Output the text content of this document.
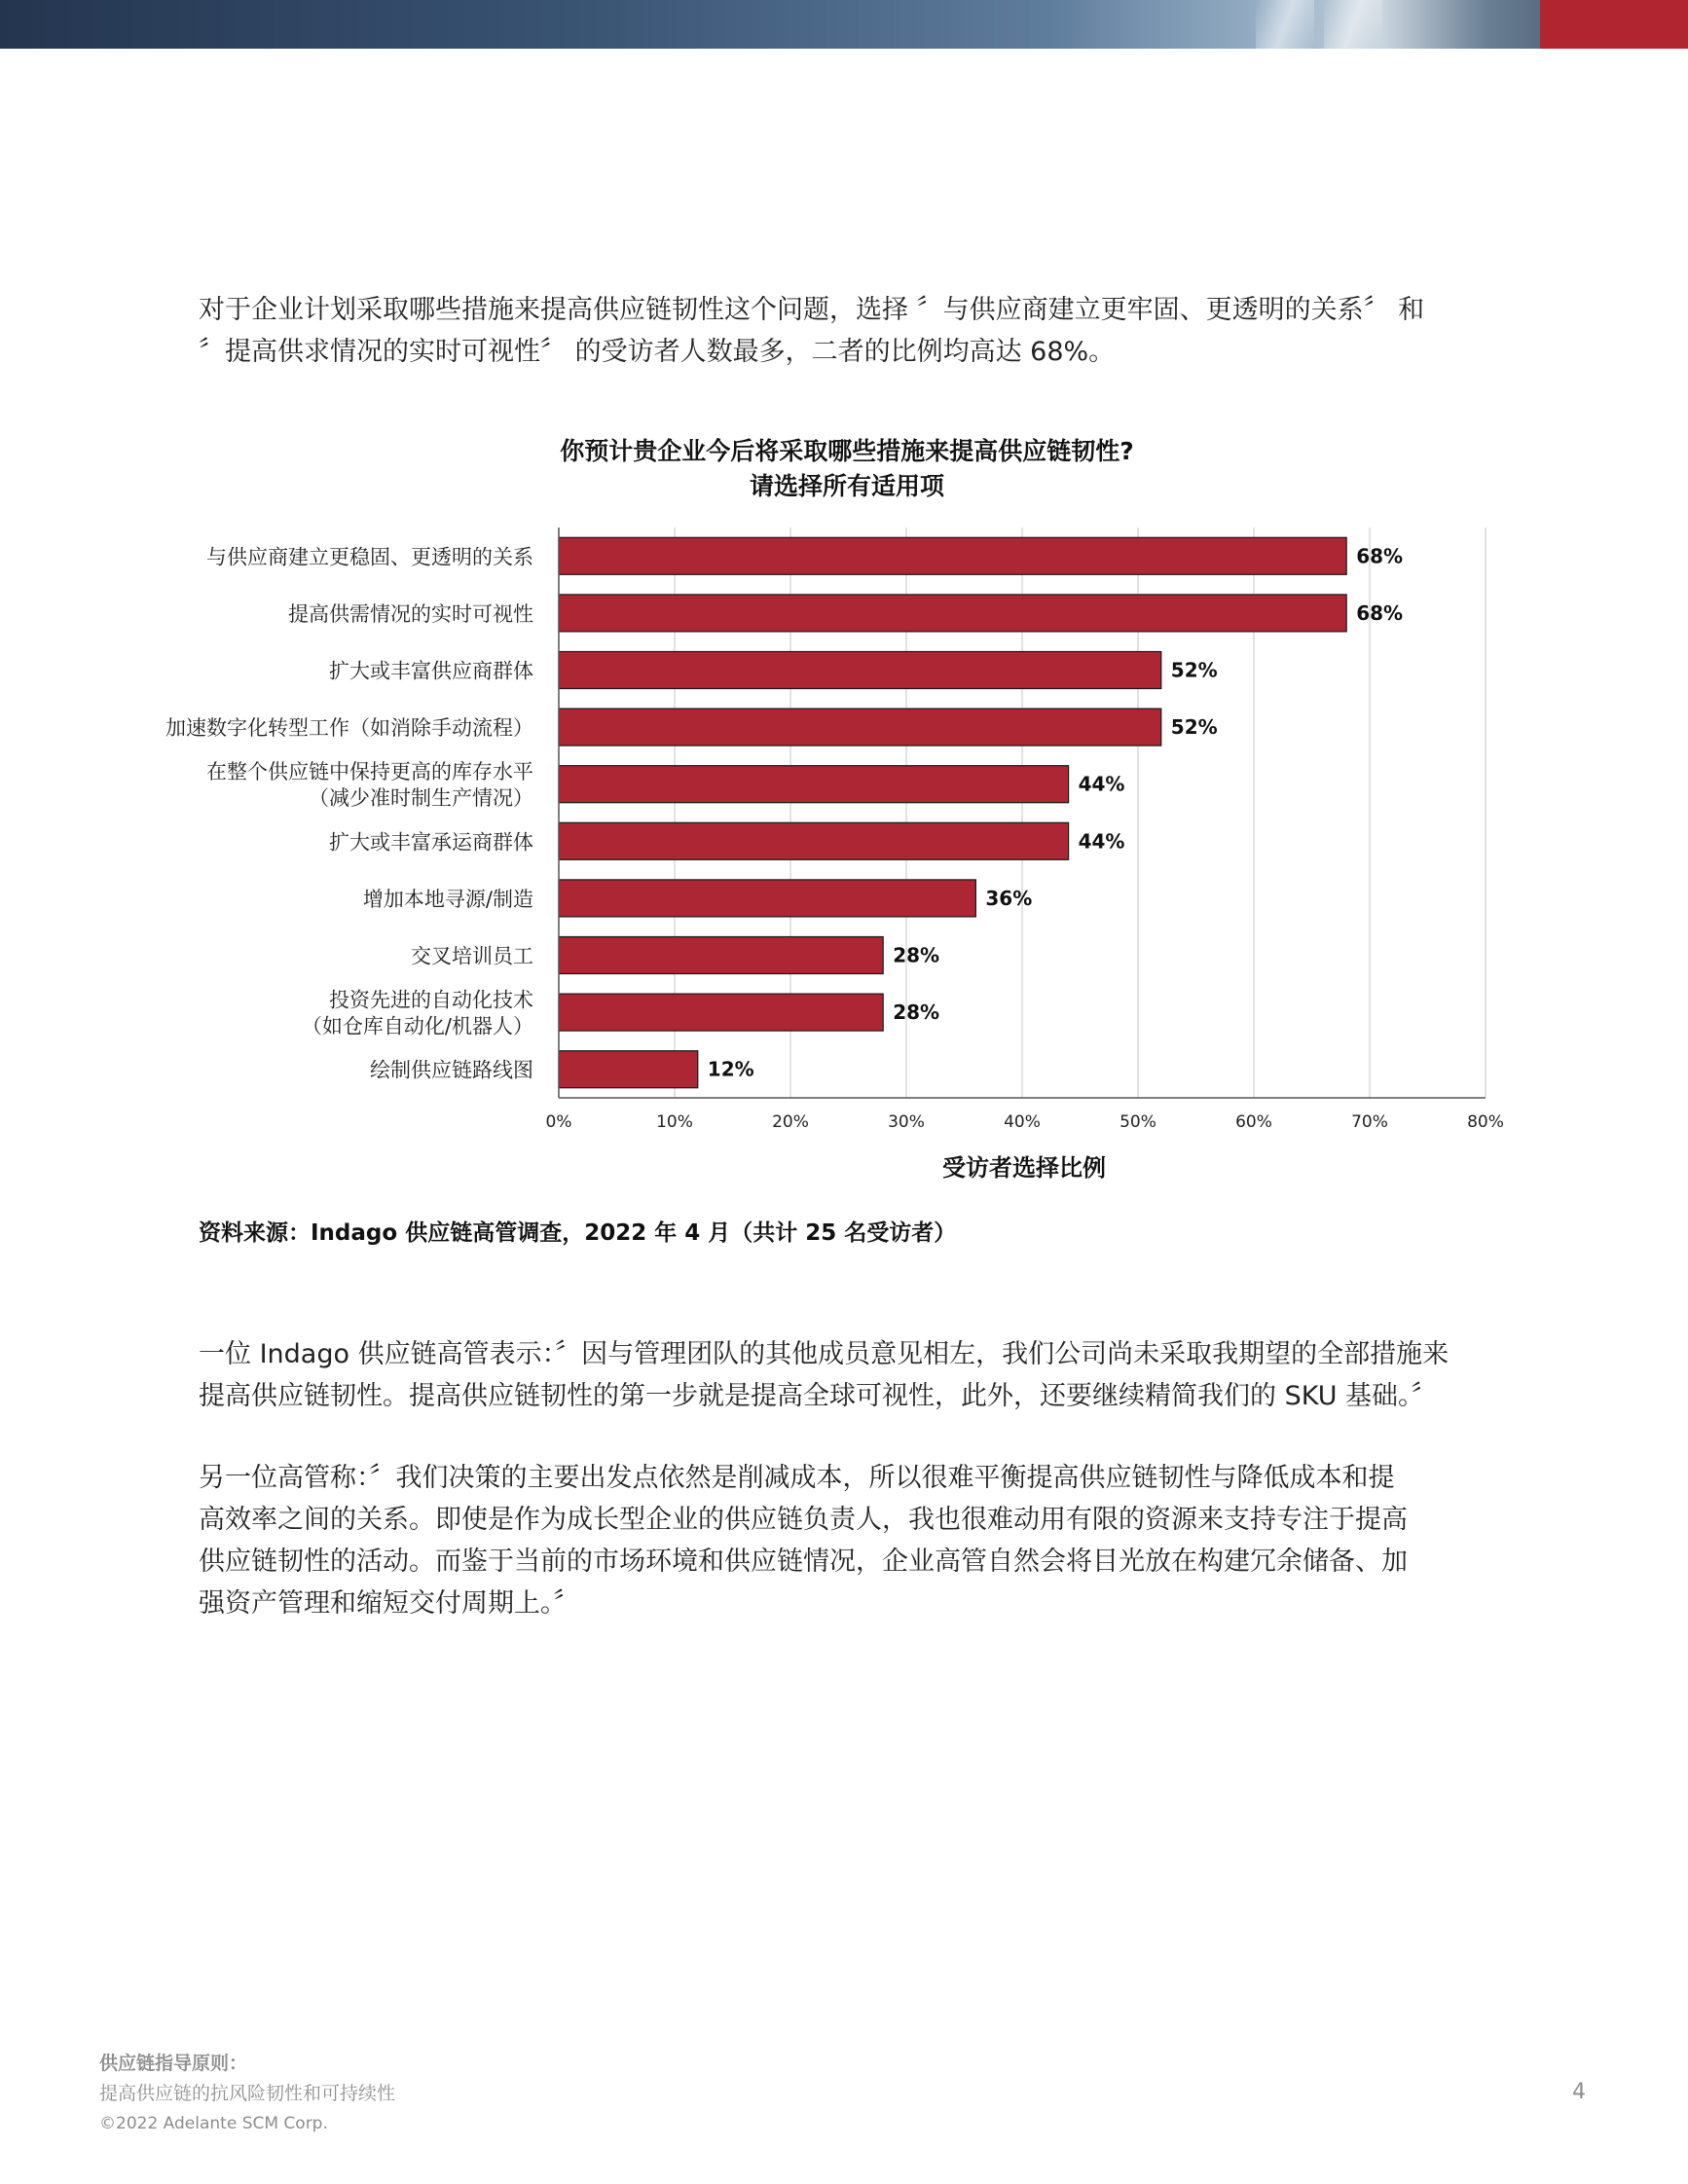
对于企业计划采取哪些措施来提高供应链韧性这个问题，选择 〞与供应商建立更牢固、更透明的关系〞 和
〞提高供求情况的实时可视性〞 的受访者人数最多，二者的比例均高达 68%。
你预计贵企业今后将采取哪些措施来提高供应链韧性?
请选择所有适用项
68%
68%
52%
52%
44%
44%
36%
28%
28%
12%
与供应商建立更稳固、更透明的关系
提高供需情况的实时可视性
扩大或丰富供应商群体
加速数字化转型工作（如消除手动流程）
在整个供应链中保持更高的库存水平
（减少准时制生产情况）
扩大或丰富承运商群体
增加本地寻源/制造
交叉培训员工
投资先进的自动化技术
（如仓库自动化/机器人）
绘制供应链路线图
0%	10%	20%	30%	40%	50%	60%	70%	80%
受访者选择比例
资料来源：Indago 供应链高管调查，2022 年 4 月（共计 25 名受访者）
一位 Indago 供应链高管表示：〞因与管理团队的其他成员意见相左，我们公司尚未采取我期望的全部措施来
提高供应链韧性。提高供应链韧性的第一步就是提高全球可视性，此外，还要继续精简我们的 SKU 基础。〞
另一位高管称：〞我们决策的主要出发点依然是削减成本，所以很难平衡提高供应链韧性与降低成本和提
高效率之间的关系。即使是作为成长型企业的供应链负责人，我也很难动用有限的资源来支持专注于提高
供应链韧性的活动。而鉴于当前的市场环境和供应链情况，企业高管自然会将目光放在构建冗余储备、加
强资产管理和缩短交付周期上。〞
供应链指导原则：
提高供应链的抗风险韧性和可持续性
©2022 Adelante SCM Corp.
4
